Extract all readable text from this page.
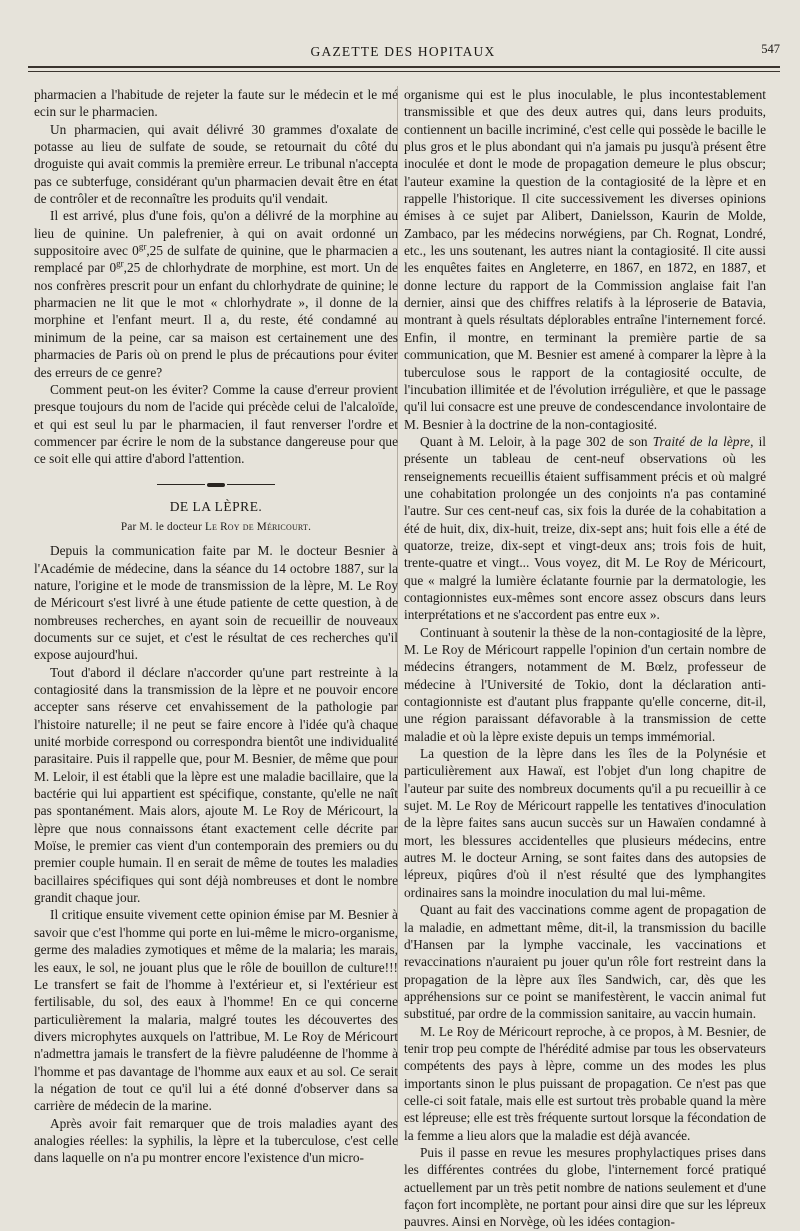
GAZETTE DES HOPITAUX	547

pharmacien a l'habitude de rejeter la faute sur le médecin et le mé ecin sur le pharmacien.

Un pharmacien, qui avait délivré 30 grammes d'oxalate de potasse au lieu de sulfate de soude, se retournait du côté du droguiste qui avait commis la première erreur. Le tribunal n'accepta pas ce subterfuge, considérant qu'un pharmacien devait être en état de contrôler et de reconnaître les produits qu'il vendait.

Il est arrivé, plus d'une fois, qu'on a délivré de la morphine au lieu de quinine. Un palefrenier, à qui on avait ordonné un suppositoire avec $0^{gr},25$ de sulfate de quinine, que le pharmacien a remplacé par $0^{gr},25$ de chlorhydrate de morphine, est mort. Un de nos confrères prescrit pour un enfant du chlorhydrate de quinine; le pharmacien ne lit que le mot « chlorhydrate », il donne de la morphine et l'enfant meurt. Il a, du reste, été condamné au minimum de la peine, car sa maison est certainement une des pharmacies de Paris où on prend le plus de précautions pour éviter des erreurs de ce genre?

Comment peut-on les éviter? Comme la cause d'erreur provient presque toujours du nom de l'acide qui précède celui de l'alcaloïde, et qui est seul lu par le pharmacien, il faut renverser l'ordre et commencer par écrire le nom de la substance dangereuse pour que ce soit elle qui attire d'abord l'attention.

DE LA LÈPRE.
Par M. le docteur Le Roy de Méricourt.

Depuis la communication faite par M. le docteur Besnier à l'Académie de médecine, dans la séance du 14 octobre 1887, sur la nature, l'origine et le mode de transmission de la lèpre, M. Le Roy de Méricourt s'est livré à une étude patiente de cette question, à de nombreuses recherches, en ayant soin de recueillir de nouveaux documents sur ce sujet, et c'est le résultat de ces recherches qu'il expose aujourd'hui.

Tout d'abord il déclare n'accorder qu'une part restreinte à la contagiosité dans la transmission de la lèpre et ne pouvoir encore accepter sans réserve cet envahissement de la pathologie par l'histoire naturelle; il ne peut se faire encore à l'idée qu'à chaque unité morbide correspond ou correspondra bientôt une individualité parasitaire. Puis il rappelle que, pour M. Besnier, de même que pour M. Leloir, il est établi que la lèpre est une maladie bacillaire, que la bactérie qui lui appartient est spécifique, constante, qu'elle ne naît pas spontanément. Mais alors, ajoute M. Le Roy de Méricourt, la lèpre que nous connaissons étant exactement celle décrite par Moïse, le premier cas vient d'un contemporain des premiers ou du premier couple humain. Il en serait de même de toutes les maladies bacillaires spécifiques qui sont déjà nombreuses et dont le nombre grandit chaque jour.

Il critique ensuite vivement cette opinion émise par M. Besnier à savoir que c'est l'homme qui porte en lui-même le micro-organisme, germe des maladies zymotiques et même de la malaria; les marais, les eaux, le sol, ne jouant plus que le rôle de bouillon de culture!!! Le transfert se fait de l'homme à l'extérieur et, si l'extérieur est fertilisable, du sol, des eaux à l'homme! En ce qui concerne particulièrement la malaria, malgré toutes les découvertes des divers microphytes auxquels on l'attribue, M. Le Roy de Méricourt n'admettra jamais le transfert de la fièvre paludéenne de l'homme à l'homme et pas davantage de l'homme aux eaux et au sol. Ce serait la négation de tout ce qu'il lui a été donné d'observer dans sa carrière de médecin de la marine.

Après avoir fait remarquer que de trois maladies ayant des analogies réelles: la syphilis, la lèpre et la tuberculose, c'est celle dans laquelle on n'a pu montrer encore l'existence d'un micro-

organisme qui est le plus inoculable, le plus incontestablement transmissible et que des deux autres qui, dans leurs produits, contiennent un bacille incriminé, c'est celle qui possède le bacille le plus gros et le plus abondant qui n'a jamais pu jusqu'à présent être inoculée et dont le mode de propagation demeure le plus obscur; l'auteur examine la question de la contagiosité de la lèpre et en rappelle l'historique. Il cite successivement les diverses opinions émises à ce sujet par Alibert, Danielsson, Kaurin de Molde, Zambaco, par les médecins norwégiens, par Ch. Rognat, Londré, etc., les uns soutenant, les autres niant la contagiosité. Il cite aussi les enquêtes faites en Angleterre, en 1867, en 1872, en 1887, et donne lecture du rapport de la Commission anglaise fait l'an dernier, ainsi que des chiffres relatifs à la léproserie de Batavia, montrant à quels résultats déplorables entraîne l'internement forcé. Enfin, il montre, en terminant la première partie de sa communication, que M. Besnier est amené à comparer la lèpre à la tuberculose sous le rapport de la contagiosité occulte, de l'incubation illimitée et de l'évolution irrégulière, et que le passage qu'il lui consacre est une preuve de condescendance involontaire de M. Besnier à la doctrine de la non-contagiosité.

Quant à M. Leloir, à la page 302 de son Traité de la lèpre, il présente un tableau de cent-neuf observations où les renseignements recueillis étaient suffisamment précis et où malgré une cohabitation prolongée un des conjoints n'a pas contaminé l'autre. Sur ces cent-neuf cas, six fois la durée de la cohabitation a été de huit, dix, dix-huit, treize, dix-sept ans; huit fois elle a été de quatorze, treize, dix-sept et vingt-deux ans; trois fois de huit, trente-quatre et vingt... Vous voyez, dit M. Le Roy de Méricourt, que « malgré la lumière éclatante fournie par la dermatologie, les contagionnistes eux-mêmes sont encore assez obscurs dans leurs interprétations et ne s'accordent pas entre eux ».

Continuant à soutenir la thèse de la non-contagiosité de la lèpre, M. Le Roy de Méricourt rappelle l'opinion d'un certain nombre de médecins étrangers, notamment de M. Bœlz, professeur de médecine à l'Université de Tokio, dont la déclaration anti-contagionniste est d'autant plus frappante qu'elle concerne, dit-il, une région paraissant défavorable à la transmission de cette maladie et où la lèpre existe depuis un temps immémorial.

La question de la lèpre dans les îles de la Polynésie et particulièrement aux Hawaï, est l'objet d'un long chapitre de l'auteur par suite des nombreux documents qu'il a pu recueillir à ce sujet. M. Le Roy de Méricourt rappelle les tentatives d'inoculation de la lèpre faites sans aucun succès sur un Hawaïen condamné à mort, les blessures accidentelles que plusieurs médecins, entre autres M. le docteur Arning, se sont faites dans des autopsies de lépreux, piqûres d'où il n'est résulté que des lymphangites ordinaires sans la moindre inoculation du mal lui-même.

Quant au fait des vaccinations comme agent de propagation de la maladie, en admettant même, dit-il, la transmission du bacille d'Hansen par la lymphe vaccinale, les vaccinations et revaccinations n'auraient pu jouer qu'un rôle fort restreint dans la propagation de la lèpre aux îles Sandwich, car, dès que les appréhensions sur ce point se manifestèrent, le vaccin animal fut substitué, par ordre de la commission sanitaire, au vaccin humain.

M. Le Roy de Méricourt reproche, à ce propos, à M. Besnier, de tenir trop peu compte de l'hérédité admise par tous les observateurs compétents des pays à lèpre, comme un des modes les plus importants sinon le plus puissant de propagation. Ce n'est pas que celle-ci soit fatale, mais elle est surtout très probable quand la mère est lépreuse; elle est très fréquente surtout lorsque la fécondation de la femme a lieu alors que la maladie est déjà avancée.

Puis il passe en revue les mesures prophylactiques prises dans les différentes contrées du globe, l'internement forcé pratiqué actuellement par un très petit nombre de nations seulement et d'une façon fort incomplète, ne portant pour ainsi dire que sur les lépreux pauvres. Ainsi en Norvège, où les idées contagion-
